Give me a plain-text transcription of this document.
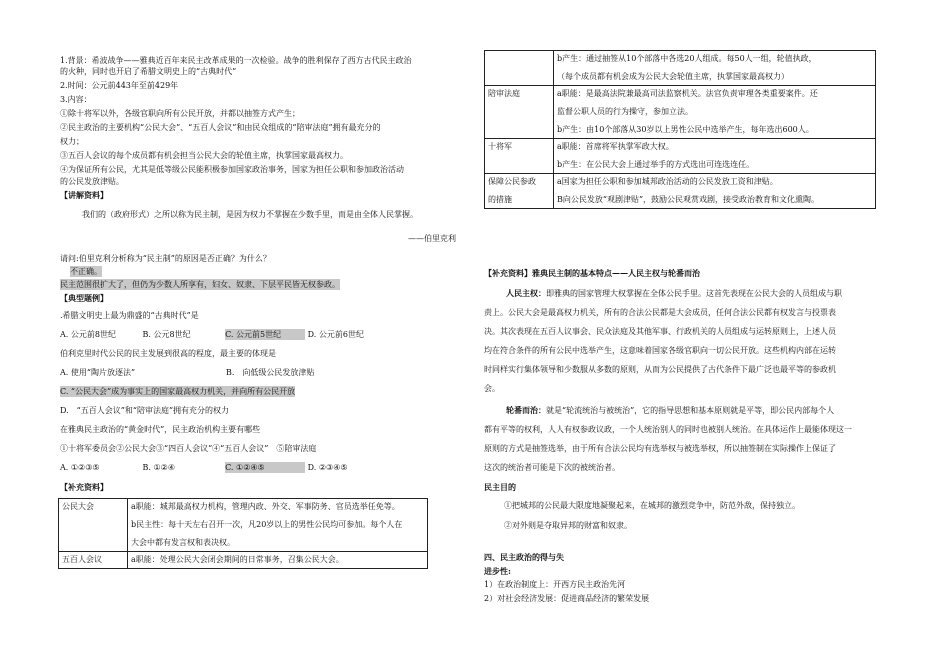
1.背景：希波战争——雅典近百年来民主改革成果的一次检验。战争的胜利保存了西方古代民主政治
的火种，同时也开启了希腊文明史上的“古典时代”
2.时间：公元前443年至前429年
3.内容：
①除十将军以外，各级官职向所有公民开放，并都以抽签方式产生；
②民主政治的主要机构“公民大会”、“五百人会议”和由民众组成的“陪审法庭”拥有最充分的
权力；
③五百人会议的每个成员都有机会担当公民大会的轮值主席，执掌国家最高权力。
④为保证所有公民，尤其是低等级公民能积极参加国家政治事务，国家为担任公职和参加政治活动
的公民发放津贴。
【讲解资料】
我们的（政府形式）之所以称为民主制，是因为权力不掌握在少数手里，而是由全体人民掌握。
——伯里克利
请问:伯里克利分析称为“民主制”的原因是否正确？为什么？
不正确。
民主范围很扩大了，但仍为少数人所享有，妇女、奴隶、下层平民皆无权参政。
【典型题例】
.希腊文明史上最为鼎盛的“古典时代”是
A. 公元前8世纪	B. 公元8世纪	C. 公元前5世纪	D. 公元前6世纪
伯利克里时代公民的民主发展到很高的程度，最主要的体现是
A. 使用“陶片放逐法”	B.　向低级公民发放津贴
C. “公民大会”成为事实上的国家最高权力机关，并向所有公民开放
D.　“五百人会议”和“陪审法庭”拥有充分的权力
在雅典民主政治的“黄金时代”，民主政治机构主要有哪些
①十将军委员会②公民大会③“四百人会议”④“五百人会议”　⑤陪审法庭
A. ①②③⑤	B. ①②④	C. ①②④⑤	D. ②③④⑤
【补充资料】
公民大会	a职能：城邦最高权力机构，管理内政、外交、军事防务、官员选举任免等。
b民主性：每十天左右召开一次，凡20岁以上的男性公民均可参加。每个人在
大会中都有发言权和表决权。

五百人会议	a职能：处理公民大会闭会期间的日常事务，召集公民大会。

	b产生：通过抽签从10个部落中各选20人组成。每50人一组，轮值执政，
（每个成员都有机会成为公民大会轮值主席，执掌国家最高权力）

陪审法庭	a职能：是最高法院兼最高司法监察机关。法官负责审理各类重要案件。还
监督公职人员的行为操守，参加立法。
b产生：由10个部落从30岁以上男性公民中选举产生，每年选出600人。

十将军	a职能：首席将军执掌军政大权。
b产生：在公民大会上通过举手的方式选出可连选连任。

保障公民参政
的措施	a国家为担任公职和参加城邦政治活动的公民发放工资和津贴。
B向公民发放“观剧津贴”，鼓励公民观赏戏剧，接受政治教育和文化熏陶。
【补充资料】雅典民主制的基本特点——人民主权与轮番而治
人民主权：即雅典的国家管理大权掌握在全体公民手里。这首先表现在公民大会的人员组成与职
责上。公民大会是最高权力机关，所有的合法公民都是大会成员，任何合法公民都有权发言与投票表
决。其次表现在五百人议事会、民众法庭及其他军事、行政机关的人员组成与运转原则上，上述人员
均在符合条件的所有公民中选举产生，这意味着国家各级官职向一切公民开放。这些机构内部在运转
时同样实行集体领导和少数服从多数的原则，从而为公民提供了古代条件下最广泛也最平等的参政机
会。
轮番而治：就是“轮流统治与被统治”，它的指导思想和基本原则就是平等，即公民内部每个人
都有平等的权利，人人有权参政议政，一个人统治别人的同时也被别人统治。在具体运作上最能体现这一
原则的方式是抽签选举，由于所有合法公民均有选举权与被选举权，所以抽签制在实际操作上保证了
这次的统治者可能是下次的被统治者。
民主目的
①把城邦的公民最大限度地凝聚起来，在城邦的激烈竞争中，防范外敌，保持独立。
②对外则是夺取异邦的财富和奴隶。
四、民主政治的得与失
进步性:
1）在政治制度上：开西方民主政治先河
2）对社会经济发展：促进商品经济的繁荣发展
